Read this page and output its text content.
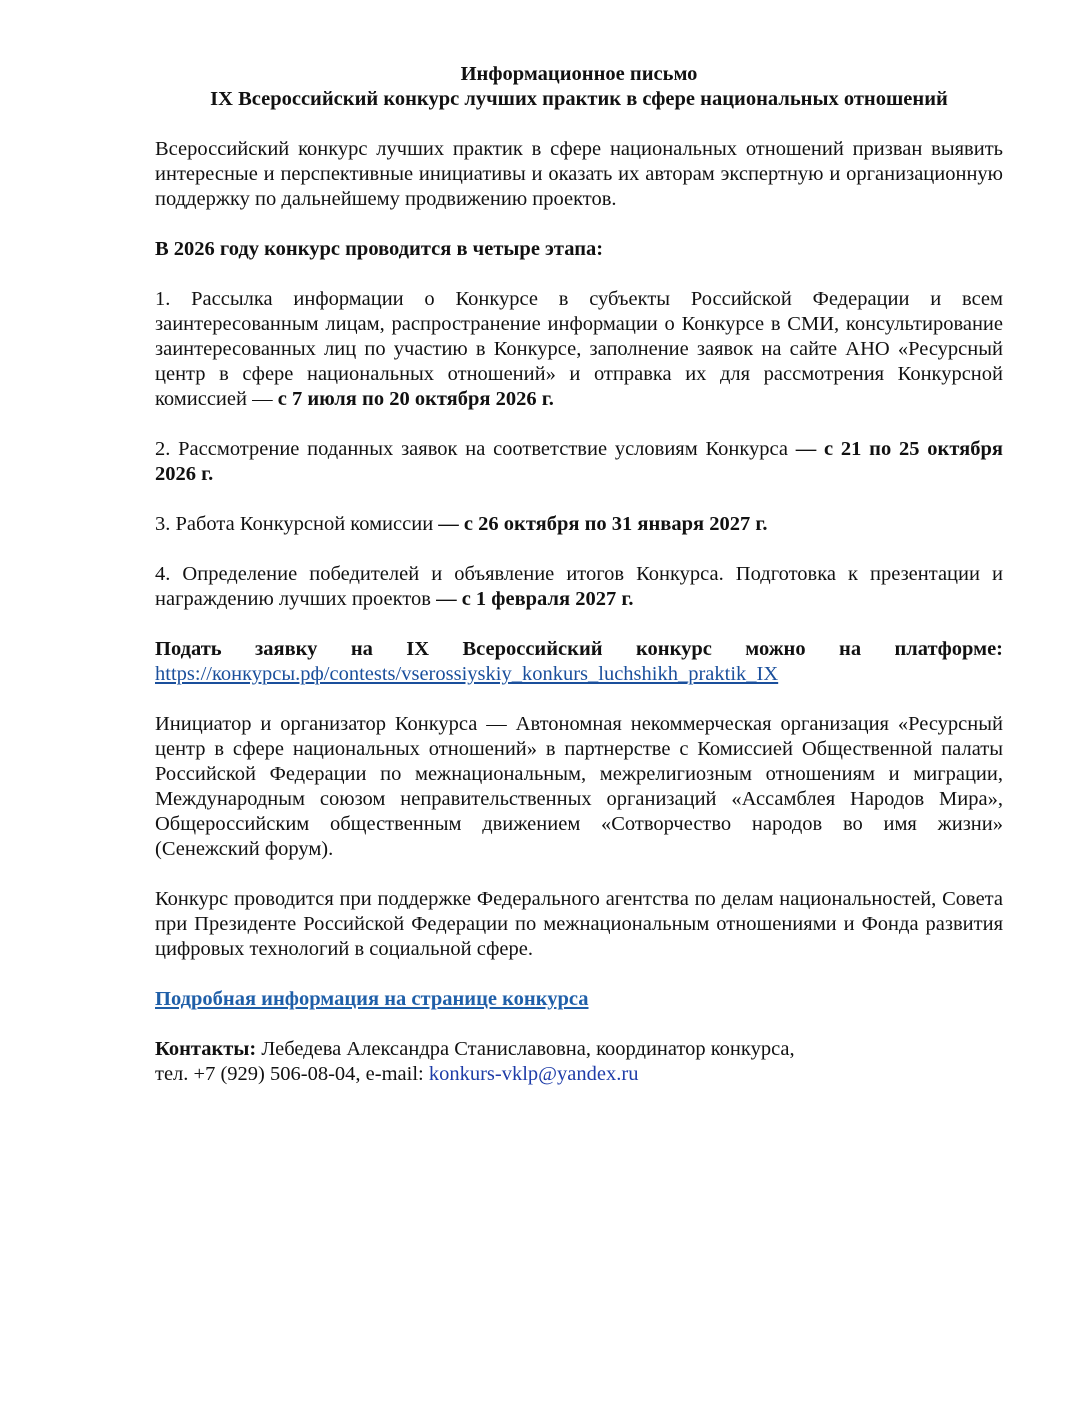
Информационное письмо

IX Всероссийский конкурс лучших практик в сфере национальных отношений

Всероссийский конкурс лучших практик в сфере национальных отношений призван выявить интересные и перспективные инициативы и оказать их авторам экспертную и организационную поддержку по дальнейшему продвижению проектов.

В 2026 году конкурс проводится в четыре этапа:

1. Рассылка информации о Конкурсе в субъекты Российской Федерации и всем заинтересованным лицам, распространение информации о Конкурсе в СМИ, консультирование заинтересованных лиц по участию в Конкурсе, заполнение заявок на сайте АНО «Ресурсный центр в сфере национальных отношений» и отправка их для рассмотрения Конкурсной комиссией — с 7 июля по 20 октября 2026 г.

2. Рассмотрение поданных заявок на соответствие условиям Конкурса — с 21 по 25 октября 2026 г.

3. Работа Конкурсной комиссии — с 26 октября по 31 января 2027 г.

4. Определение победителей и объявление итогов Конкурса. Подготовка к презентации и награждению лучших проектов — с 1 февраля 2027 г.

Подать заявку на IX Всероссийский конкурс можно на платформе:

https://конкурсы.рф/contests/vserossiyskiy_konkurs_luchshikh_praktik_IX

Инициатор и организатор Конкурса — Автономная некоммерческая организация «Ресурсный центр в сфере национальных отношений» в партнерстве с Комиссией Общественной палаты Российской Федерации по межнациональным, межрелигиозным отношениям и миграции, Международным союзом неправительственных организаций «Ассамблея Народов Мира», Общероссийским общественным движением «Сотворчество народов во имя жизни» (Сенежский форум).

Конкурс проводится при поддержке Федерального агентства по делам национальностей, Совета при Президенте Российской Федерации по межнациональным отношениями и Фонда развития цифровых технологий в социальной сфере.

Подробная информация на странице конкурса

Контакты: Лебедева Александра Станиславовна, координатор конкурса,

тел. +7 (929) 506-08-04, e-mail: konkurs-vklp@yandex.ru
